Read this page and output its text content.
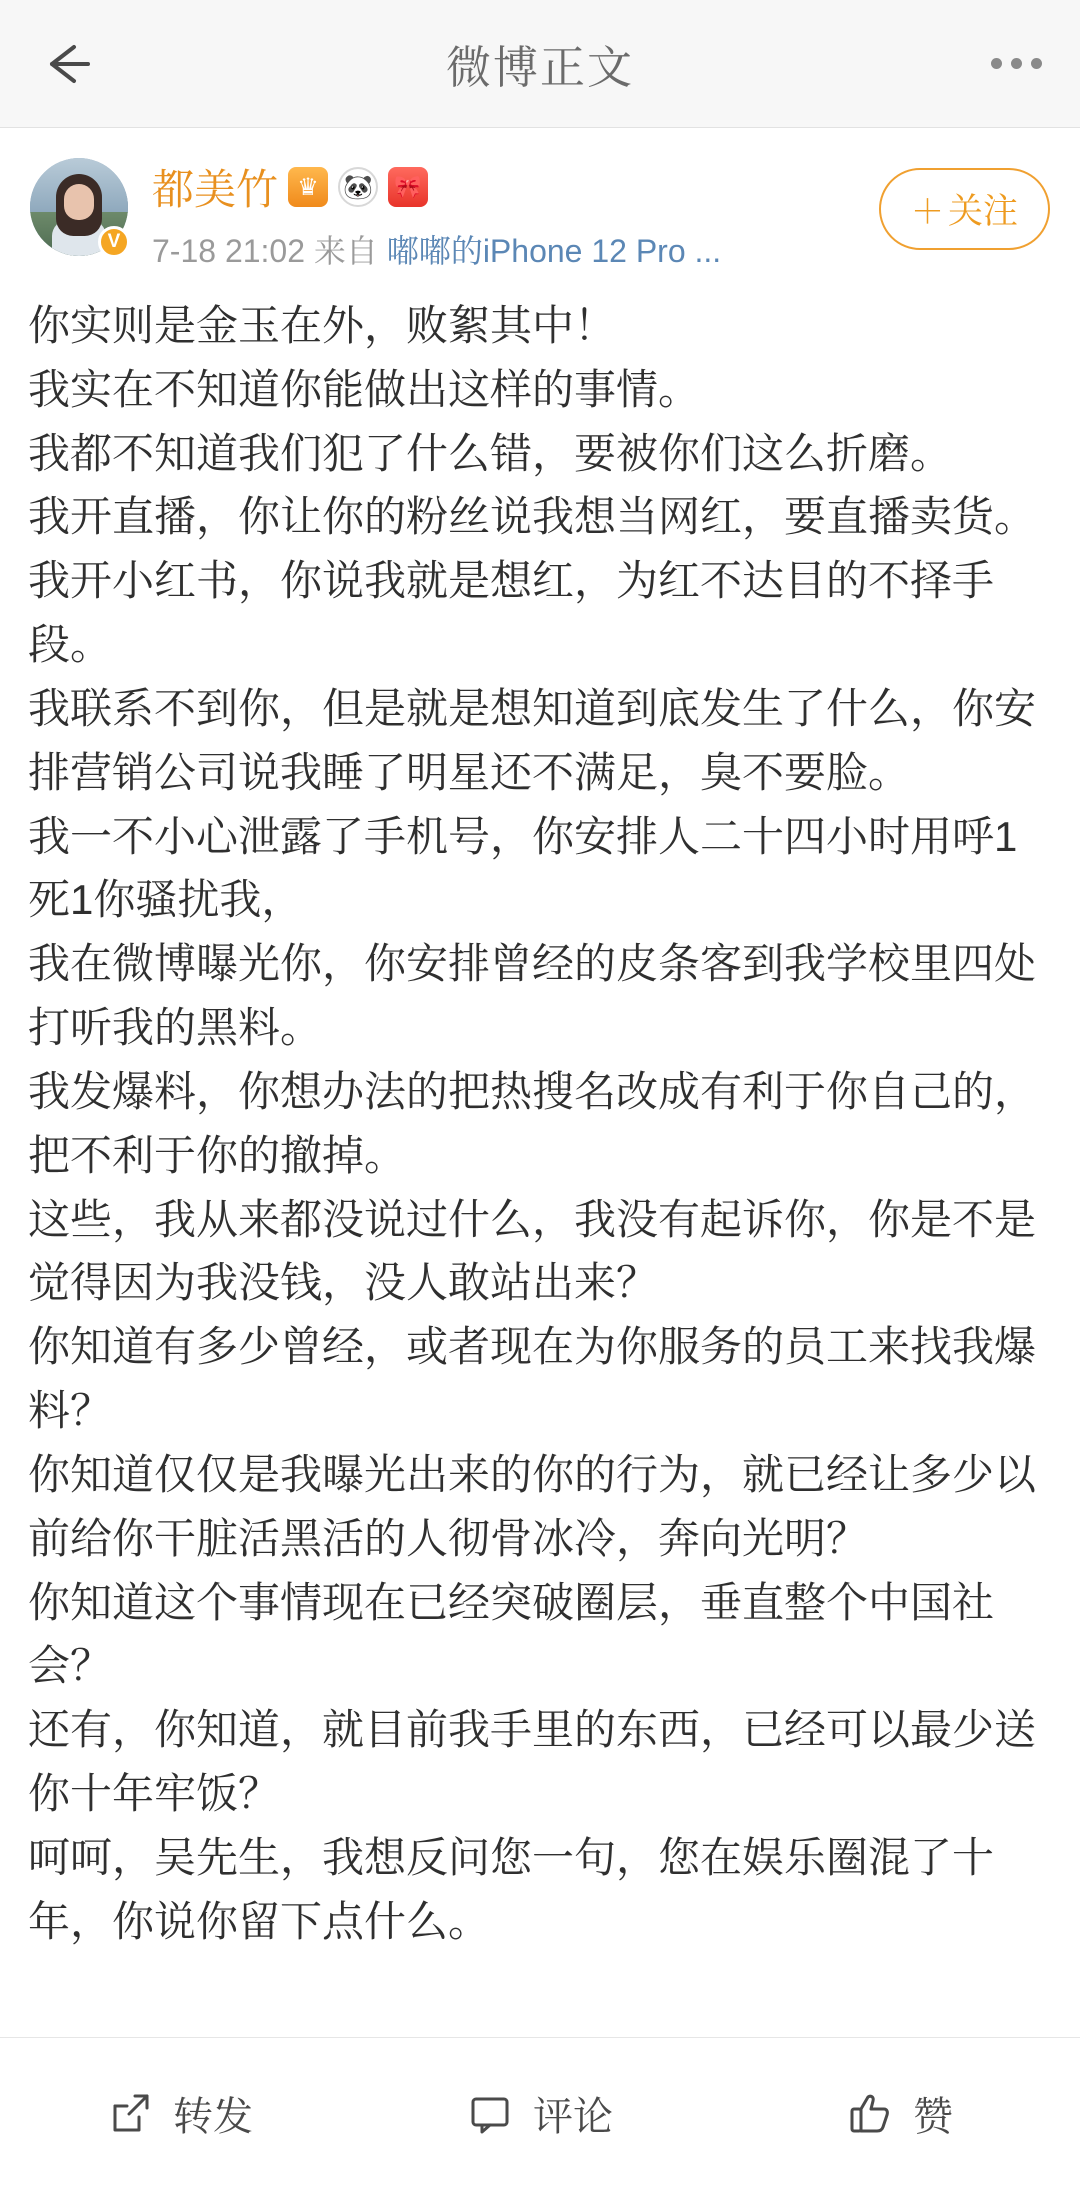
微博正文
V
都美竹 ♛	🐼 🎀
7-18 21:02 来自 嘟嘟的iPhone 12 Pro ...
＋ 关注

你实则是金玉在外，败絮其中！

我实在不知道你能做出这样的事情。

我都不知道我们犯了什么错，要被你们这么折磨。

我开直播，你让你的粉丝说我想当网红，要直播卖货。

我开小红书，你说我就是想红，为红不达目的不择手段。

我联系不到你，但是就是想知道到底发生了什么，你安排营销公司说我睡了明星还不满足，臭不要脸。

我一不小心泄露了手机号，你安排人二十四小时用呼1死1你骚扰我，

我在微博曝光你，你安排曾经的皮条客到我学校里四处打听我的黑料。

我发爆料，你想办法的把热搜名改成有利于你自己的，把不利于你的撤掉。

这些，我从来都没说过什么，我没有起诉你，你是不是觉得因为我没钱，没人敢站出来？

你知道有多少曾经，或者现在为你服务的员工来找我爆料？

你知道仅仅是我曝光出来的你的行为，就已经让多少以前给你干脏活黑活的人彻骨冰冷，奔向光明？

你知道这个事情现在已经突破圈层，垂直整个中国社会？

还有，你知道，就目前我手里的东西，已经可以最少送你十年牢饭？

呵呵，吴先生，我想反问您一句，您在娱乐圈混了十年，你说你留下点什么。

转发	评论	赞
